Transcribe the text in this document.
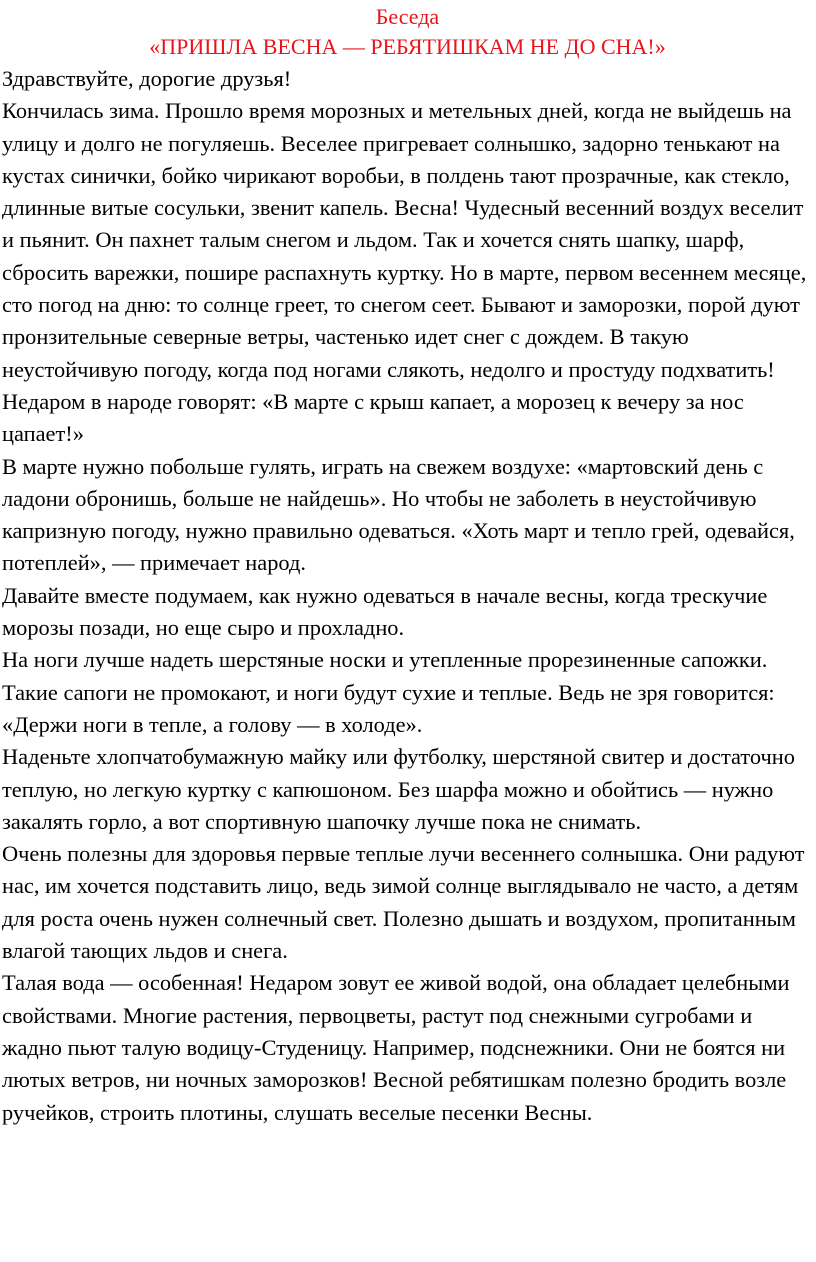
Беседа
«ПРИШЛА ВЕСНА — РЕБЯТИШКАМ НЕ ДО СНА!»

Здравствуйте, дорогие друзья!

Кончилась зима. Прошло время морозных и метельных дней, когда не выйдешь на улицу и долго не погуляешь. Веселее пригревает солнышко, задорно тенькают на кустах синички, бойко чирикают воробьи, в полдень тают прозрачные, как стекло, длинные витые сосульки, звенит капель. Весна! Чудесный весенний воздух веселит и пьянит. Он пахнет талым снегом и льдом. Так и хочется снять шапку, шарф, сбросить варежки, пошире распахнуть куртку. Но в марте, первом весеннем месяце, сто погод на дню: то солнце греет, то снегом сеет. Бывают и заморозки, порой дуют пронзительные северные ветры, частенько идет снег с дождем. В такую неустойчивую погоду, когда под ногами слякоть, недолго и простуду подхватить!

Недаром в народе говорят: «В марте с крыш капает, а морозец к вечеру за нос цапает!»

В марте нужно побольше гулять, играть на свежем воздухе: «мартовский день с ладони обронишь, больше не найдешь». Но чтобы не заболеть в неустойчивую капризную погоду, нужно правильно одеваться. «Хоть март и тепло грей, одевайся, потеплей», — примечает народ.

Давайте вместе подумаем, как нужно одеваться в начале весны, когда трескучие морозы позади, но еще сыро и прохладно.

На ноги лучше надеть шерстяные носки и утепленные прорезиненные сапожки. Такие сапоги не промокают, и ноги будут сухие и теплые. Ведь не зря говорится: «Держи ноги в тепле, а голову — в холоде».

Наденьте хлопчатобумажную майку или футболку, шерстяной свитер и достаточно теплую, но легкую куртку с капюшоном. Без шарфа можно и обойтись — нужно закалять горло, а вот спортивную шапочку лучше пока не снимать.

Очень полезны для здоровья первые теплые лучи весеннего солнышка. Они радуют нас, им хочется подставить лицо, ведь зимой солнце выглядывало не часто, а детям для роста очень нужен солнечный свет. Полезно дышать и воздухом, пропитанным влагой тающих льдов и снега.

Талая вода — особенная! Недаром зовут ее живой водой, она обладает целебными свойствами. Многие растения, первоцветы, растут под снежными сугробами и жадно пьют талую водицу-Студеницу. Например, подснежники. Они не боятся ни лютых ветров, ни ночных заморозков! Весной ребятишкам полезно бродить возле ручейков, строить плотины, слушать веселые песенки Весны.
